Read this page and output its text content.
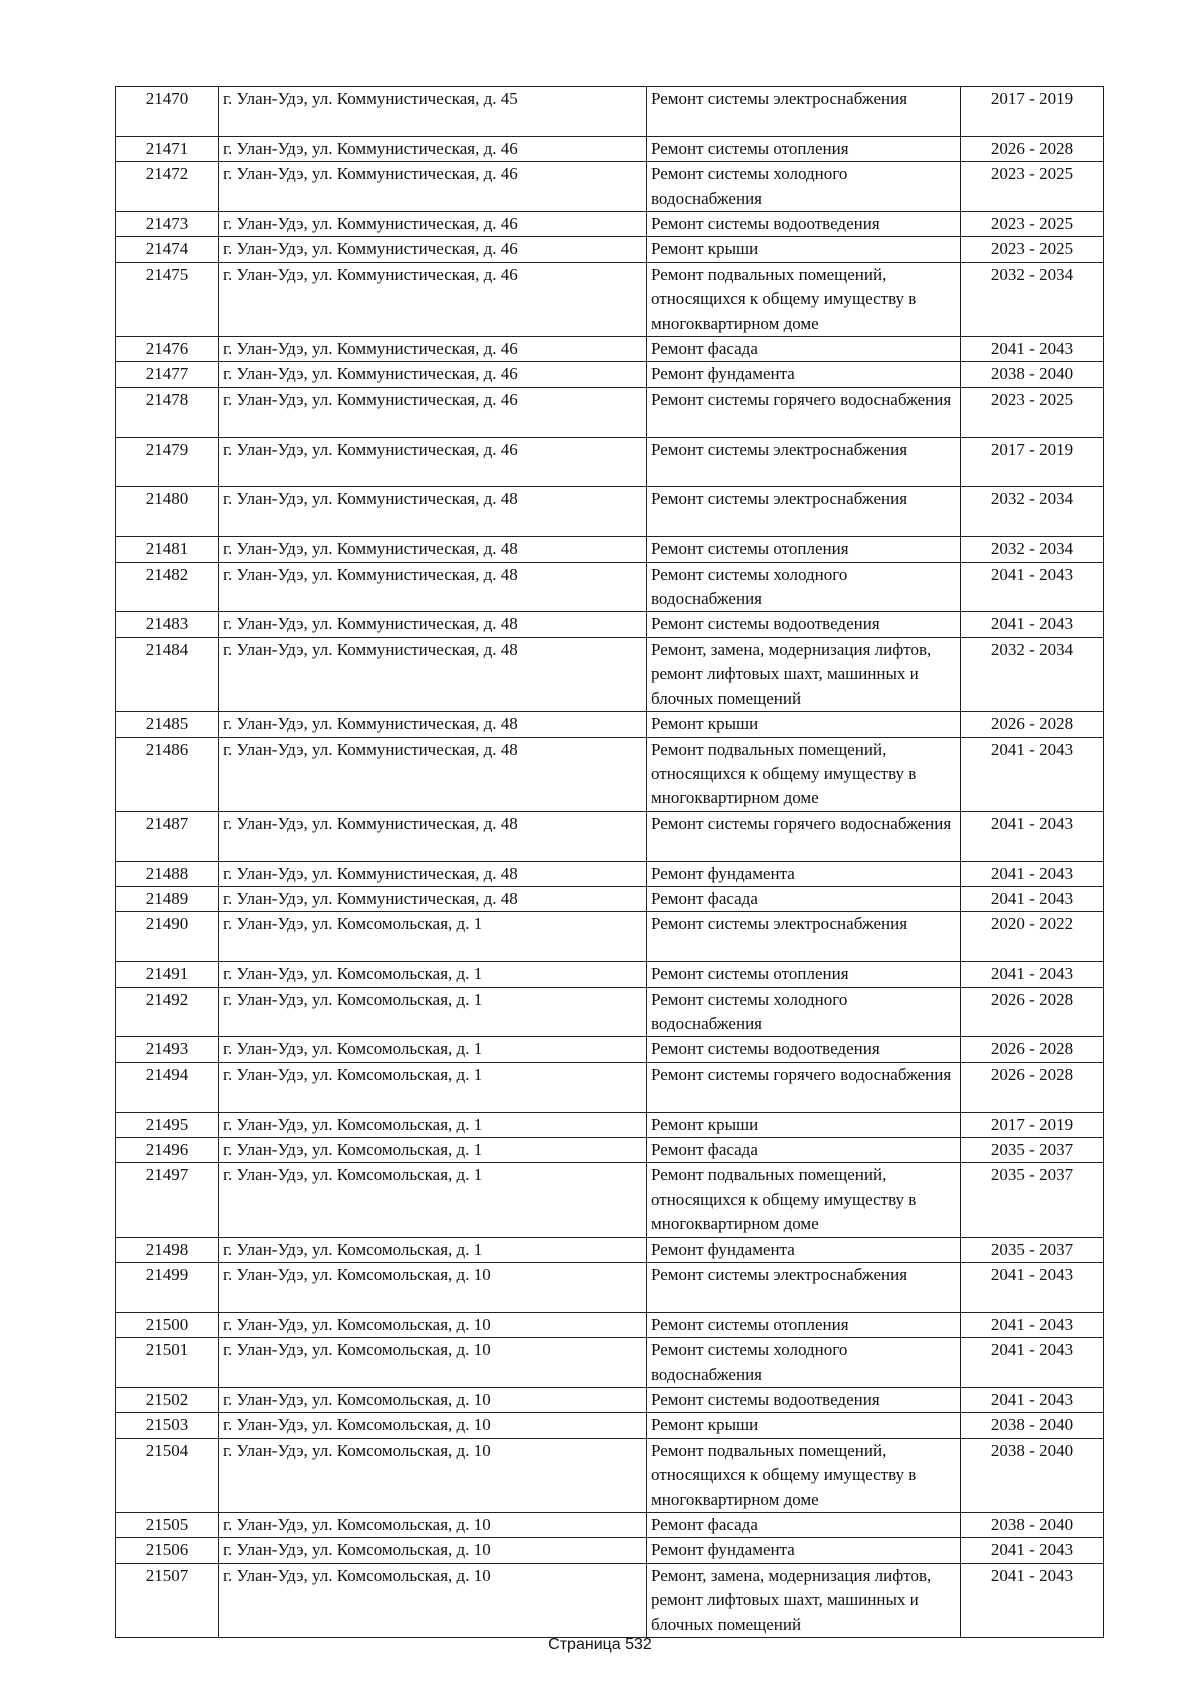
21470	г. Улан-Удэ, ул. Коммунистическая, д. 45	Ремонт системы электроснабжения	2017 - 2019
21471	г. Улан-Удэ, ул. Коммунистическая, д. 46	Ремонт системы отопления	2026 - 2028
21472	г. Улан-Удэ, ул. Коммунистическая, д. 46	Ремонт системы холодного водоснабжения	2023 - 2025
21473	г. Улан-Удэ, ул. Коммунистическая, д. 46	Ремонт системы водоотведения	2023 - 2025
21474	г. Улан-Удэ, ул. Коммунистическая, д. 46	Ремонт крыши	2023 - 2025
21475	г. Улан-Удэ, ул. Коммунистическая, д. 46	Ремонт подвальных помещений, относящихся к общему имуществу в многоквартирном доме	2032 - 2034
21476	г. Улан-Удэ, ул. Коммунистическая, д. 46	Ремонт фасада	2041 - 2043
21477	г. Улан-Удэ, ул. Коммунистическая, д. 46	Ремонт фундамента	2038 - 2040
21478	г. Улан-Удэ, ул. Коммунистическая, д. 46	Ремонт системы горячего водоснабжения	2023 - 2025
21479	г. Улан-Удэ, ул. Коммунистическая, д. 46	Ремонт системы электроснабжения	2017 - 2019
21480	г. Улан-Удэ, ул. Коммунистическая, д. 48	Ремонт системы электроснабжения	2032 - 2034
21481	г. Улан-Удэ, ул. Коммунистическая, д. 48	Ремонт системы отопления	2032 - 2034
21482	г. Улан-Удэ, ул. Коммунистическая, д. 48	Ремонт системы холодного водоснабжения	2041 - 2043
21483	г. Улан-Удэ, ул. Коммунистическая, д. 48	Ремонт системы водоотведения	2041 - 2043
21484	г. Улан-Удэ, ул. Коммунистическая, д. 48	Ремонт, замена, модернизация лифтов, ремонт лифтовых шахт, машинных и блочных помещений	2032 - 2034
21485	г. Улан-Удэ, ул. Коммунистическая, д. 48	Ремонт крыши	2026 - 2028
21486	г. Улан-Удэ, ул. Коммунистическая, д. 48	Ремонт подвальных помещений, относящихся к общему имуществу в многоквартирном доме	2041 - 2043
21487	г. Улан-Удэ, ул. Коммунистическая, д. 48	Ремонт системы горячего водоснабжения	2041 - 2043
21488	г. Улан-Удэ, ул. Коммунистическая, д. 48	Ремонт фундамента	2041 - 2043
21489	г. Улан-Удэ, ул. Коммунистическая, д. 48	Ремонт фасада	2041 - 2043
21490	г. Улан-Удэ, ул. Комсомольская, д. 1	Ремонт системы электроснабжения	2020 - 2022
21491	г. Улан-Удэ, ул. Комсомольская, д. 1	Ремонт системы отопления	2041 - 2043
21492	г. Улан-Удэ, ул. Комсомольская, д. 1	Ремонт системы холодного водоснабжения	2026 - 2028
21493	г. Улан-Удэ, ул. Комсомольская, д. 1	Ремонт системы водоотведения	2026 - 2028
21494	г. Улан-Удэ, ул. Комсомольская, д. 1	Ремонт системы горячего водоснабжения	2026 - 2028
21495	г. Улан-Удэ, ул. Комсомольская, д. 1	Ремонт крыши	2017 - 2019
21496	г. Улан-Удэ, ул. Комсомольская, д. 1	Ремонт фасада	2035 - 2037
21497	г. Улан-Удэ, ул. Комсомольская, д. 1	Ремонт подвальных помещений, относящихся к общему имуществу в многоквартирном доме	2035 - 2037
21498	г. Улан-Удэ, ул. Комсомольская, д. 1	Ремонт фундамента	2035 - 2037
21499	г. Улан-Удэ, ул. Комсомольская, д. 10	Ремонт системы электроснабжения	2041 - 2043
21500	г. Улан-Удэ, ул. Комсомольская, д. 10	Ремонт системы отопления	2041 - 2043
21501	г. Улан-Удэ, ул. Комсомольская, д. 10	Ремонт системы холодного водоснабжения	2041 - 2043
21502	г. Улан-Удэ, ул. Комсомольская, д. 10	Ремонт системы водоотведения	2041 - 2043
21503	г. Улан-Удэ, ул. Комсомольская, д. 10	Ремонт крыши	2038 - 2040
21504	г. Улан-Удэ, ул. Комсомольская, д. 10	Ремонт подвальных помещений, относящихся к общему имуществу в многоквартирном доме	2038 - 2040
21505	г. Улан-Удэ, ул. Комсомольская, д. 10	Ремонт фасада	2038 - 2040
21506	г. Улан-Удэ, ул. Комсомольская, д. 10	Ремонт фундамента	2041 - 2043
21507	г. Улан-Удэ, ул. Комсомольская, д. 10	Ремонт, замена, модернизация лифтов, ремонт лифтовых шахт, машинных и блочных помещений	2041 - 2043
Страница 532
